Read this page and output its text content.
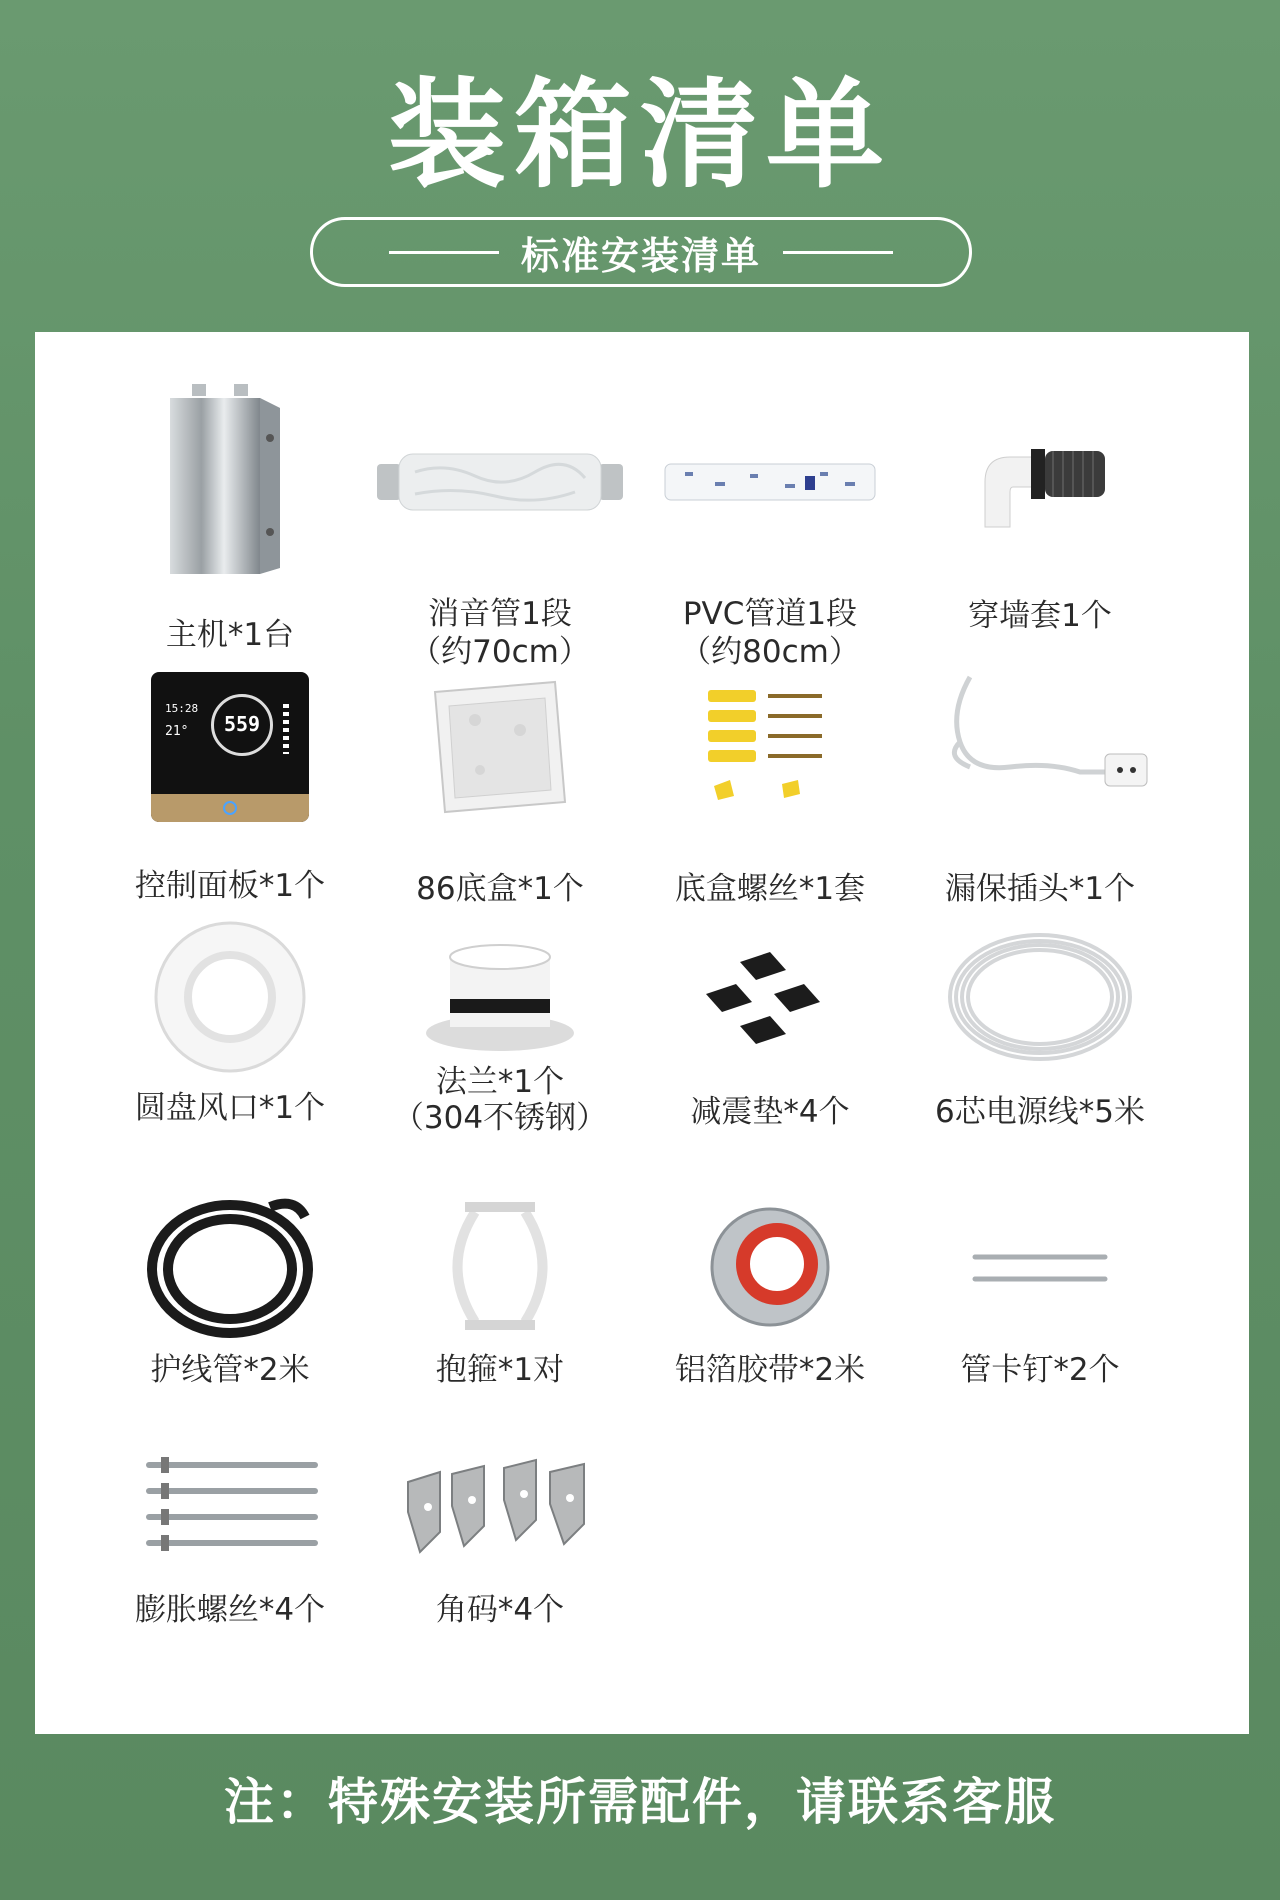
装箱清单
标准安装清单
主机*1台
消音管1段
（约70cm）
PVC管道1段
（约80cm）
穿墙套1个
15:28
21°	559
控制面板*1个	86底盒*1个	底盒螺丝*1套	漏保插头*1个
圆盘风口*1个
法兰*1个
（304不锈钢）	减震垫*4个	6芯电源线*5米
护线管*2米	抱箍*1对	铝箔胶带*2米	管卡钉*2个
膨胀螺丝*4个	角码*4个
注：特殊安装所需配件，请联系客服
